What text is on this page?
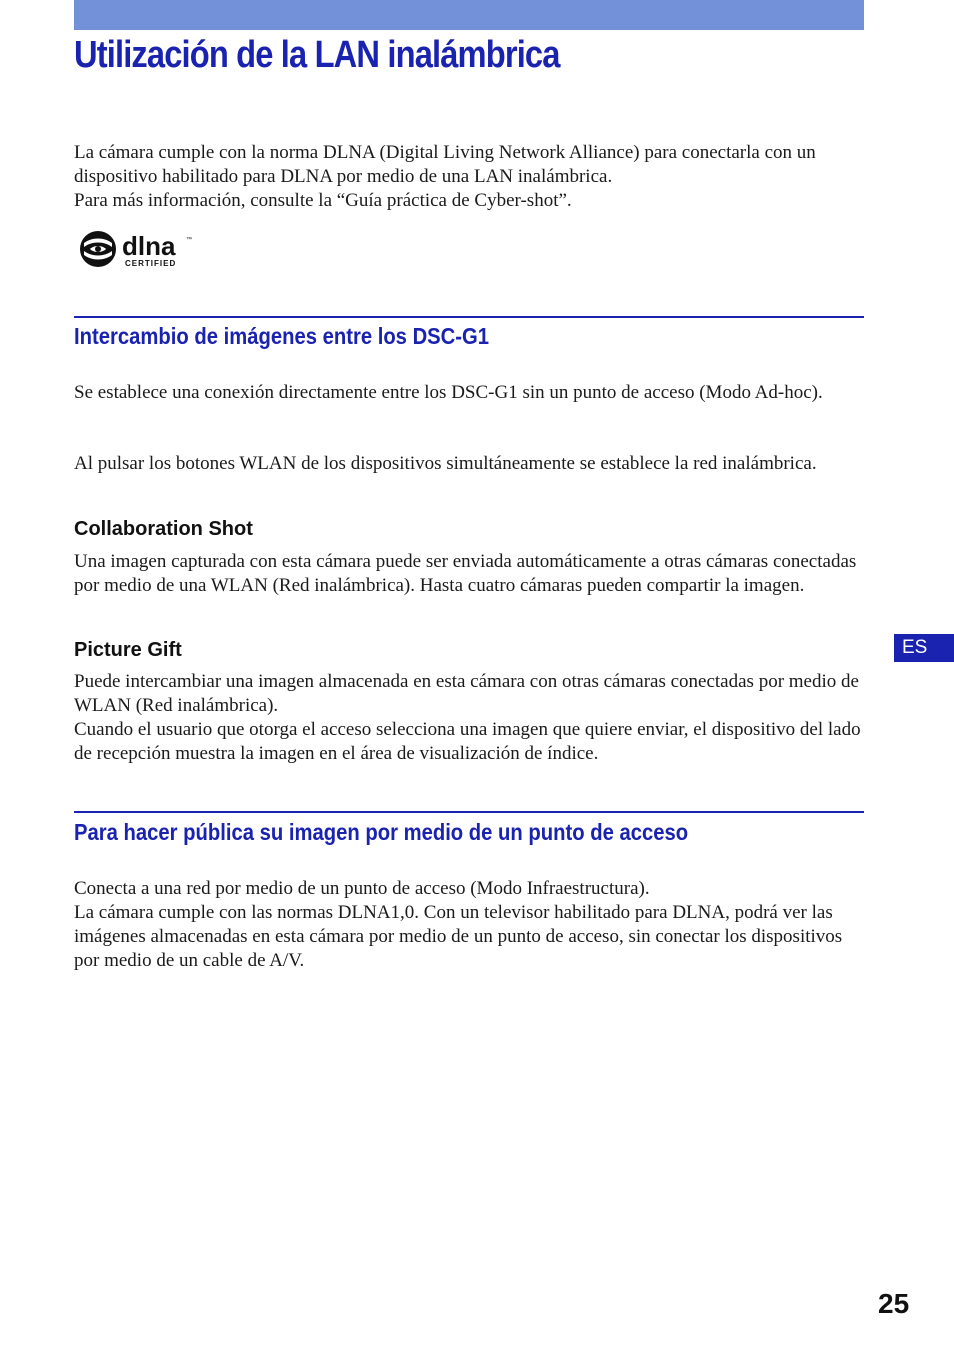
Utilización de la LAN inalámbrica

La cámara cumple con la norma DLNA (Digital Living Network Alliance) para conectarla con un dispositivo habilitado para DLNA por medio de una LAN inalámbrica.

Para más información, consulte la “Guía práctica de Cyber-shot”.

dlna ™
CERTIFIED
Intercambio de imágenes entre los DSC-G1

Se establece una conexión directamente entre los DSC-G1 sin un punto de acceso (Modo Ad-hoc).

Al pulsar los botones WLAN de los dispositivos simultáneamente se establece la red inalámbrica.

Collaboration Shot

Una imagen capturada con esta cámara puede ser enviada automáticamente a otras cámaras conectadas por medio de una WLAN (Red inalámbrica). Hasta cuatro cámaras pueden compartir la imagen.

Picture Gift

Puede intercambiar una imagen almacenada en esta cámara con otras cámaras conectadas por medio de WLAN (Red inalámbrica).

Cuando el usuario que otorga el acceso selecciona una imagen que quiere enviar, el dispositivo del lado de recepción muestra la imagen en el área de visualización de índice.

Para hacer pública su imagen por medio de un punto de acceso

Conecta a una red por medio de un punto de acceso (Modo Infraestructura).

La cámara cumple con las normas DLNA1,0. Con un televisor habilitado para DLNA, podrá ver las imágenes almacenadas en esta cámara por medio de un punto de acceso, sin conectar los dispositivos por medio de un cable de A/V.

ES
25
